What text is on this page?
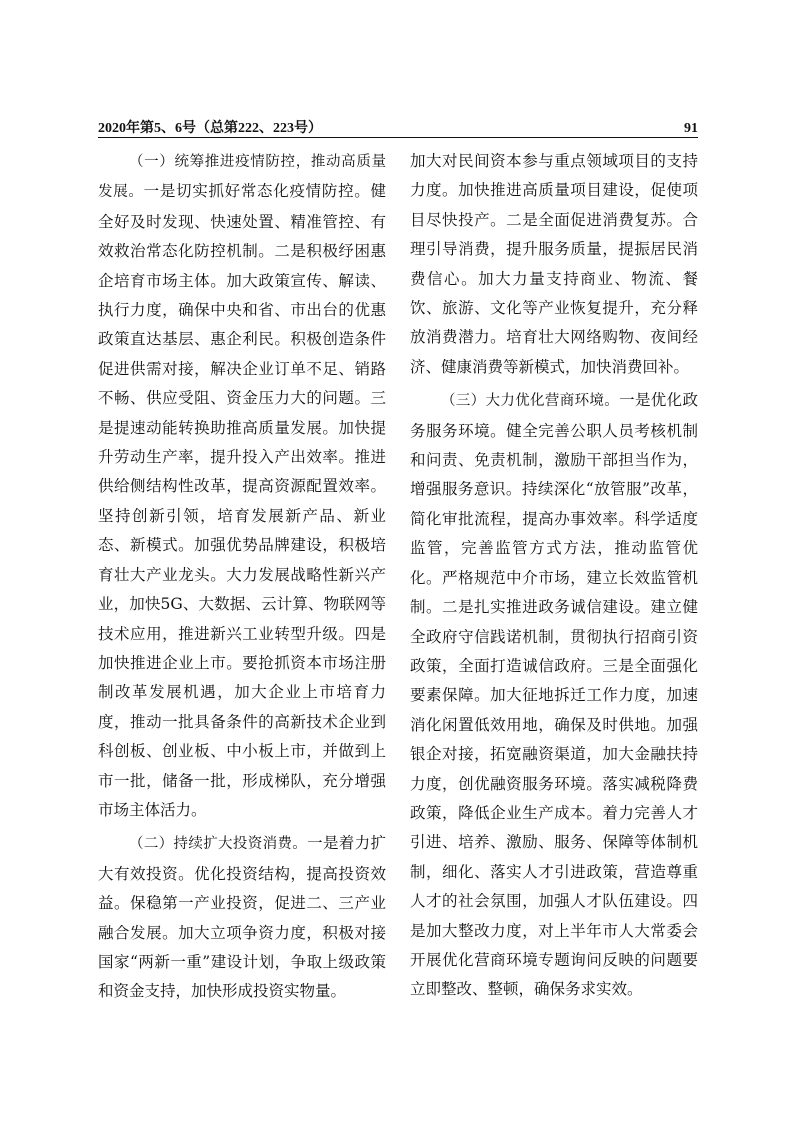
2020年第5、6号（总第222、223号）	91

（一）统筹推进疫情防控，推动高质量发展。一是切实抓好常态化疫情防控。健全好及时发现、快速处置、精准管控、有效救治常态化防控机制。二是积极纾困惠企培育市场主体。加大政策宣传、解读、执行力度，确保中央和省、市出台的优惠政策直达基层、惠企利民。积极创造条件促进供需对接，解决企业订单不足、销路不畅、供应受阻、资金压力大的问题。三是提速动能转换助推高质量发展。加快提升劳动生产率，提升投入产出效率。推进供给侧结构性改革，提高资源配置效率。坚持创新引领，培育发展新产品、新业态、新模式。加强优势品牌建设，积极培育壮大产业龙头。大力发展战略性新兴产业，加快5G、大数据、云计算、物联网等技术应用，推进新兴工业转型升级。四是加快推进企业上市。要抢抓资本市场注册制改革发展机遇，加大企业上市培育力度，推动一批具备条件的高新技术企业到科创板、创业板、中小板上市，并做到上市一批，储备一批，形成梯队，充分增强市场主体活力。

（二）持续扩大投资消费。一是着力扩大有效投资。优化投资结构，提高投资效益。保稳第一产业投资，促进二、三产业融合发展。加大立项争资力度，积极对接国家“两新一重”建设计划，争取上级政策和资金支持，加快形成投资实物量。

加大对民间资本参与重点领域项目的支持力度。加快推进高质量项目建设，促使项目尽快投产。二是全面促进消费复苏。合理引导消费，提升服务质量，提振居民消费信心。加大力量支持商业、物流、餐饮、旅游、文化等产业恢复提升，充分释放消费潜力。培育壮大网络购物、夜间经济、健康消费等新模式，加快消费回补。

（三）大力优化营商环境。一是优化政务服务环境。健全完善公职人员考核机制和问责、免责机制，激励干部担当作为，增强服务意识。持续深化“放管服”改革，简化审批流程，提高办事效率。科学适度监管，完善监管方式方法，推动监管优化。严格规范中介市场，建立长效监管机制。二是扎实推进政务诚信建设。建立健全政府守信践诺机制，贯彻执行招商引资政策，全面打造诚信政府。三是全面强化要素保障。加大征地拆迁工作力度，加速消化闲置低效用地，确保及时供地。加强银企对接，拓宽融资渠道，加大金融扶持力度，创优融资服务环境。落实减税降费政策，降低企业生产成本。着力完善人才引进、培养、激励、服务、保障等体制机制，细化、落实人才引进政策，营造尊重人才的社会氛围，加强人才队伍建设。四是加大整改力度，对上半年市人大常委会开展优化营商环境专题询问反映的问题要立即整改、整顿，确保务求实效。
